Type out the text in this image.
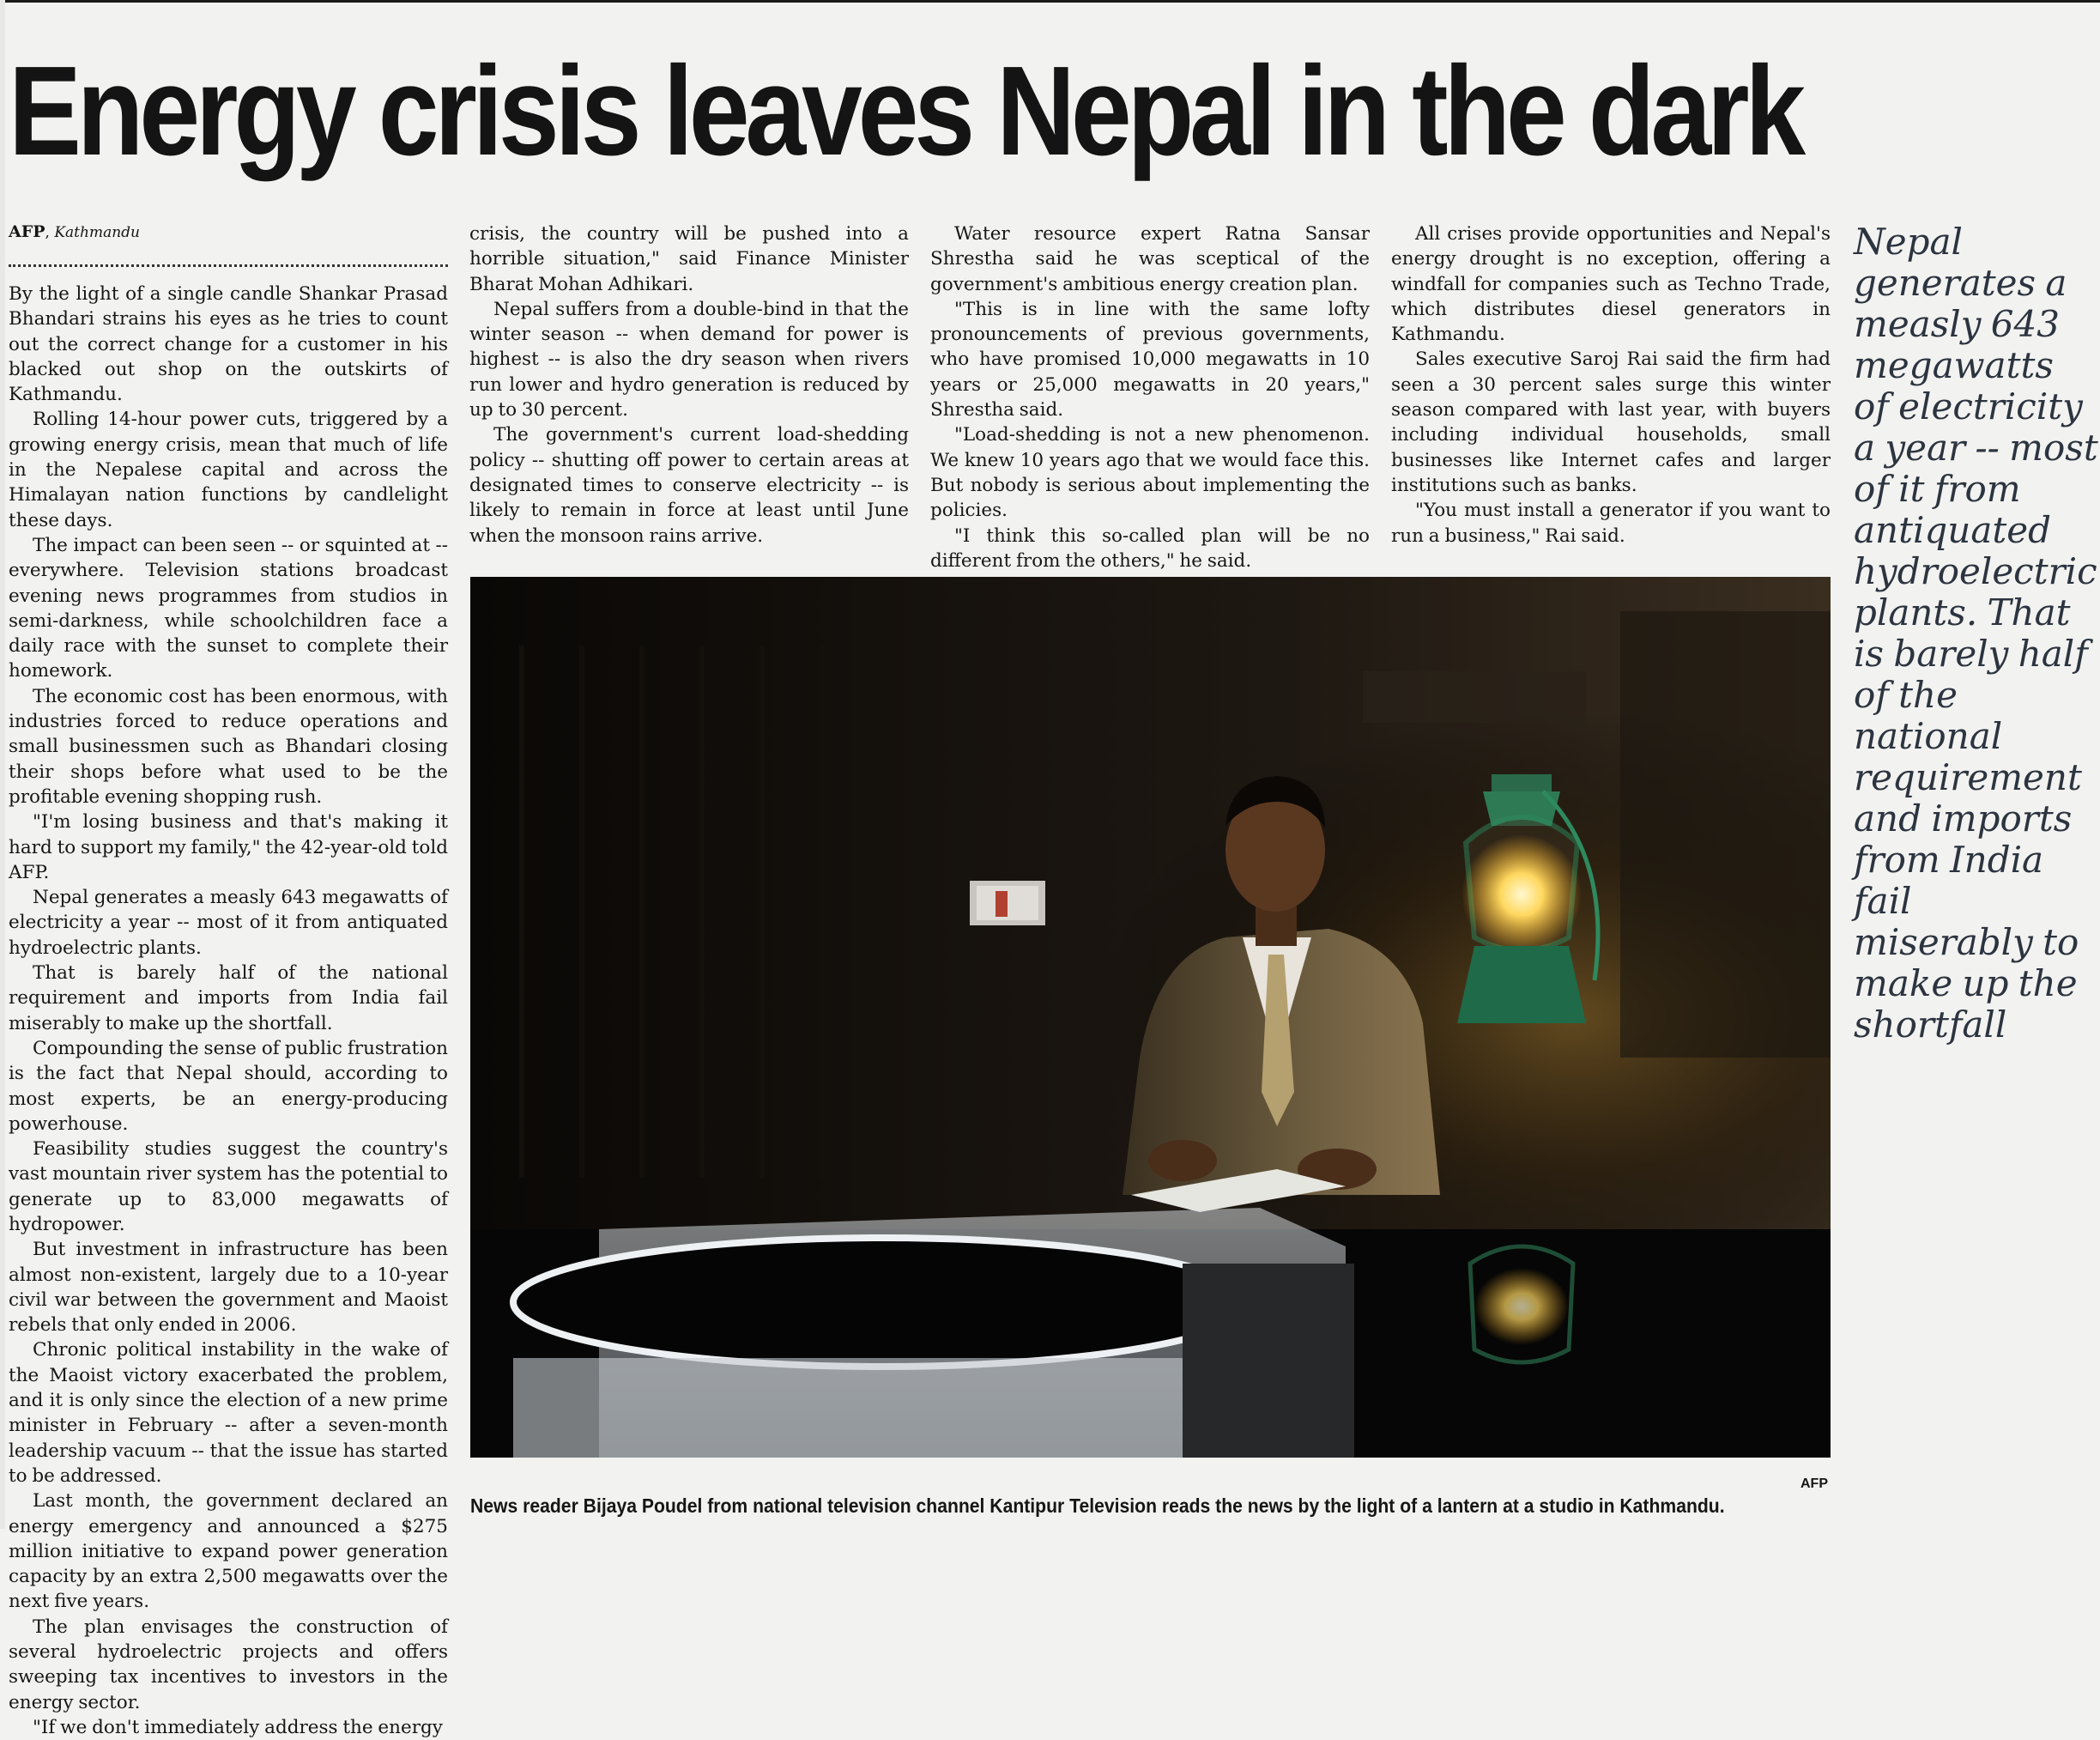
Energy crisis leaves Nepal in the dark
AFP, Kathmandu

By the light of a single candle Shankar Prasad Bhandari strains his eyes as he tries to count out the correct change for a customer in his blacked out shop on the outskirts of Kathmandu.

Rolling 14-hour power cuts, triggered by a growing energy crisis, mean that much of life in the Nepalese capital and across the Himalayan nation functions by candlelight these days.

The impact can been seen -- or squinted at -- everywhere. Television stations broadcast evening news programmes from studios in semi-darkness, while schoolchildren face a daily race with the sunset to complete their homework.

The economic cost has been enormous, with industries forced to reduce operations and small businessmen such as Bhandari closing their shops before what used to be the profitable evening shopping rush.

"I'm losing business and that's making it hard to support my family," the 42-year-old told AFP.

Nepal generates a measly 643 megawatts of electricity a year -- most of it from antiquated hydroelectric plants.

That is barely half of the national requirement and imports from India fail miserably to make up the shortfall.

Compounding the sense of public frustration is the fact that Nepal should, according to most experts, be an energy-producing powerhouse.

Feasibility studies suggest the country's vast mountain river system has the potential to generate up to 83,000 megawatts of hydropower.

But investment in infrastructure has been almost non-existent, largely due to a 10-year civil war between the government and Maoist rebels that only ended in 2006.

Chronic political instability in the wake of the Maoist victory exacerbated the problem, and it is only since the election of a new prime minister in February -- after a seven-month leadership vacuum -- that the issue has started to be addressed.

Last month, the government declared an energy emergency and announced a $275 million initiative to expand power generation capacity by an extra 2,500 megawatts over the next five years.

The plan envisages the construction of several hydroelectric projects and offers sweeping tax incentives to investors in the energy sector.

"If we don't immediately address the energy

crisis, the country will be pushed into a horrible situation," said Finance Minister Bharat Mohan Adhikari.

Nepal suffers from a double-bind in that the winter season -- when demand for power is highest -- is also the dry season when rivers run lower and hydro generation is reduced by up to 30 percent.

The government's current load-shedding policy -- shutting off power to certain areas at designated times to conserve electricity -- is likely to remain in force at least until June when the monsoon rains arrive.

Water resource expert Ratna Sansar Shrestha said he was sceptical of the government's ambitious energy creation plan.

"This is in line with the same lofty pronouncements of previous governments, who have promised 10,000 megawatts in 10 years or 25,000 megawatts in 20 years," Shrestha said.

"Load-shedding is not a new phenomenon. We knew 10 years ago that we would face this. But nobody is serious about implementing the policies.

"I think this so-called plan will be no different from the others," he said.

All crises provide opportunities and Nepal's energy drought is no exception, offering a windfall for companies such as Techno Trade, which distributes diesel generators in Kathmandu.

Sales executive Saroj Rai said the firm had seen a 30 percent sales surge this winter season compared with last year, with buyers including individual households, small businesses like Internet cafes and larger institutions such as banks.

"You must install a generator if you want to run a business," Rai said.

Nepal generates a measly 643 megawatts of electricity a year -- most of it from antiquated hydroelectric plants. That is barely half of the national requirement and imports from India fail miserably to make up the shortfall
AFP
News reader Bijaya Poudel from national television channel Kantipur Television reads the news by the light of a lantern at a studio in Kathmandu.
